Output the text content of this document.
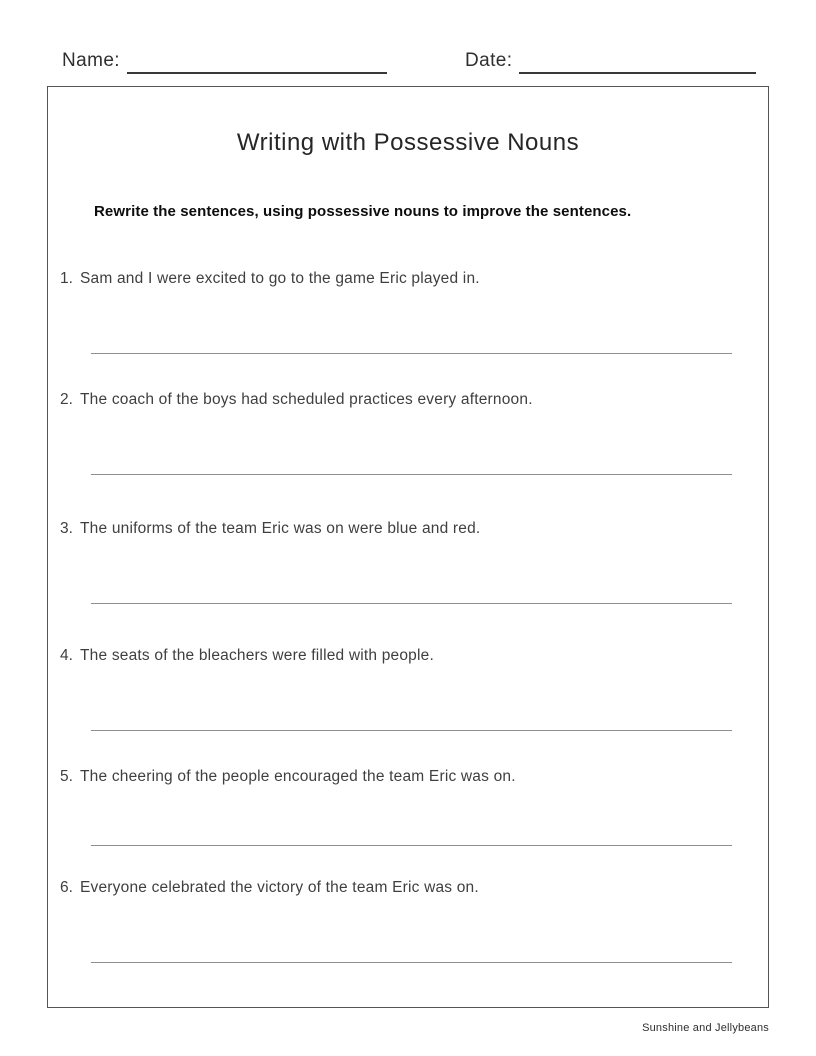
Name:	Date:
Writing with Possessive Nouns
Rewrite the sentences, using possessive nouns to improve the sentences.
1. Sam and I were excited to go to the game Eric played in.
2. The coach of the boys had scheduled practices every afternoon.
3. The uniforms of the team Eric was on were blue and red.
4. The seats of the bleachers were filled with people.
5. The cheering of the people encouraged the team Eric was on.
6. Everyone celebrated the victory of the team Eric was on.
Sunshine and Jellybeans
